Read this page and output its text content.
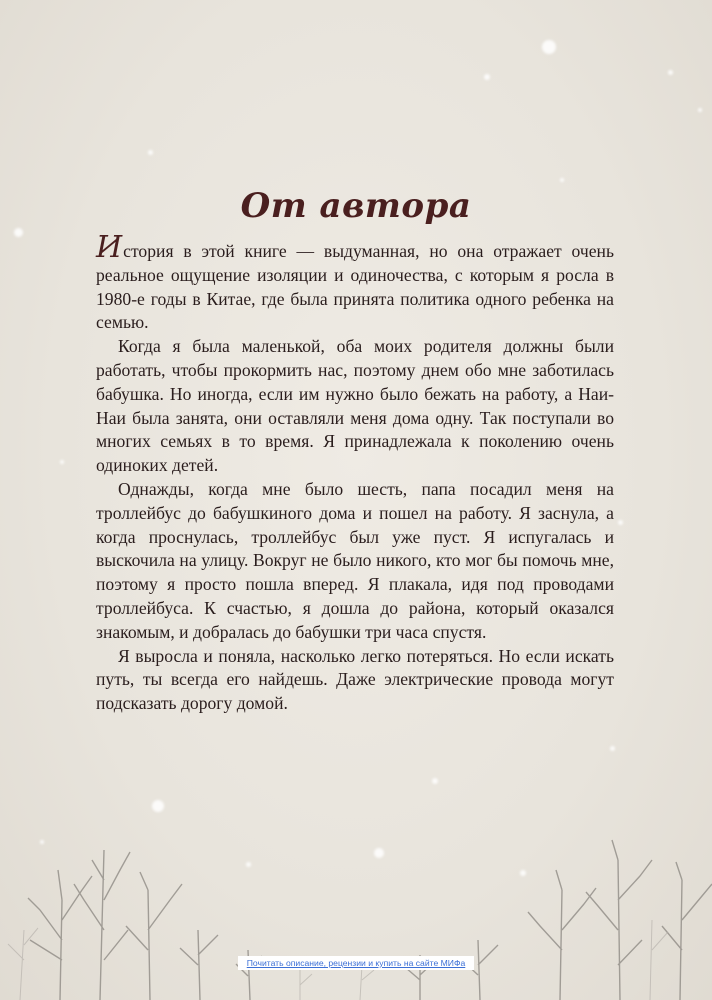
От автора

История в этой книге — выдуманная, но она отражает очень реальное ощущение изоляции и одиночества, с которым я росла в 1980-е годы в Китае, где была принята политика одного ребенка на семью.

Когда я была маленькой, оба моих родителя должны были работать, чтобы прокормить нас, поэтому днем обо мне заботилась бабушка. Но иногда, если им нужно было бежать на работу, а Наи-Наи была занята, они оставляли меня дома одну. Так поступали во многих семьях в то время. Я принадлежала к поколению очень одиноких детей.

Однажды, когда мне было шесть, папа посадил меня на троллейбус до бабушкиного дома и пошел на работу. Я заснула, а когда проснулась, троллейбус был уже пуст. Я испугалась и выскочила на улицу. Вокруг не было никого, кто мог бы помочь мне, поэтому я просто пошла вперед. Я плакала, идя под проводами троллейбуса. К счастью, я дошла до района, который оказался знакомым, и добралась до бабушки три часа спустя.

Я выросла и поняла, насколько легко потеряться. Но если искать путь, ты всегда его найдешь. Даже электрические провода могут подсказать дорогу домой.

Почитать описание, рецензии и купить на сайте МИФа
